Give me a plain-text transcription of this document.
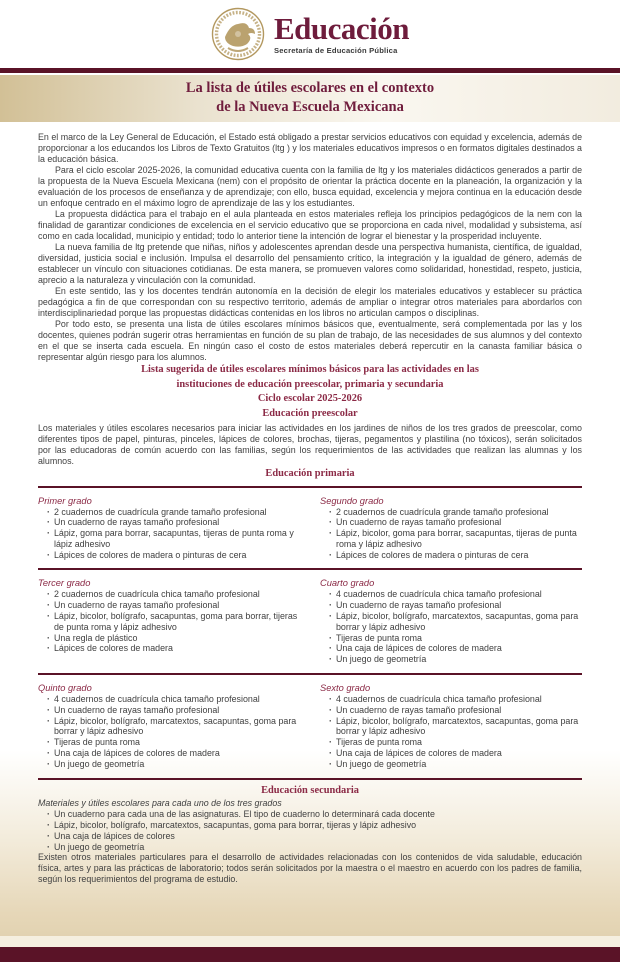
Educación
Secretaría de Educación Pública
La lista de útiles escolares en el contexto
de la Nueva Escuela Mexicana

En el marco de la Ley General de Educación, el Estado está obligado a prestar servicios educativos con equidad y excelencia, además de proporcionar a los educandos los Libros de Texto Gratuitos (ltg ) y los materiales educativos impresos o en formatos digitales destinados a la educación básica.

Para el ciclo escolar 2025-2026, la comunidad educativa cuenta con la familia de ltg y los materiales didácticos generados a partir de la propuesta de la Nueva Escuela Mexicana (nem) con el propósito de orientar la práctica docente en la planeación, la organización y la evaluación de los procesos de enseñanza y de aprendizaje; con ello, busca equidad, excelencia y mejora continua en la educación desde un enfoque centrado en el máximo logro de aprendizaje de las y los estudiantes.

La propuesta didáctica para el trabajo en el aula planteada en estos materiales refleja los principios pedagógicos de la nem con la finalidad de garantizar condiciones de excelencia en el servicio educativo que se proporciona en cada nivel, modalidad y subsistema, así como en cada localidad, municipio y entidad; todo lo anterior tiene la intención de lograr el bienestar y la prosperidad incluyente.

La nueva familia de ltg pretende que niñas, niños y adolescentes aprendan desde una perspectiva humanista, científica, de igualdad, diversidad, justicia social e inclusión. Impulsa el desarrollo del pensamiento crítico, la integración y la igualdad de género, además de establecer un vínculo con situaciones cotidianas. De esta manera, se promueven valores como solidaridad, honestidad, respeto, justicia, aprecio a la naturaleza y vinculación con la comunidad.

En este sentido, las y los docentes tendrán autonomía en la decisión de elegir los materiales educativos y establecer su práctica pedagógica a fin de que correspondan con su respectivo territorio, además de ampliar o integrar otros materiales para abordarlos con interdisciplinariedad porque las propuestas didácticas contenidas en los libros no articulan campos o disciplinas.

Por todo esto, se presenta una lista de útiles escolares mínimos básicos que, eventualmente, será complementada por las y los docentes, quienes podrán sugerir otras herramientas en función de su plan de trabajo, de las necesidades de sus alumnos y del contexto en el que se inserta cada escuela. En ningún caso el costo de estos materiales deberá repercutir en la canasta familiar básica o representar algún riesgo para los alumnos.

Lista sugerida de útiles escolares mínimos básicos para las actividades en las

instituciones de educación preescolar, primaria y secundaria

Ciclo escolar 2025-2026

Educación preescolar

Los materiales y útiles escolares necesarios para iniciar las actividades en los jardines de niños de los tres grados de preescolar, como diferentes tipos de papel, pinturas, pinceles, lápices de colores, brochas, tijeras, pegamentos y plastilina (no tóxicos), serán solicitados por las educadoras de común acuerdo con las familias, según los requerimientos de las actividades que realizan las alumnas y los alumnos.

Educación primaria

Primer grado

· 2 cuadernos de cuadrícula grande tamaño profesional
· Un cuaderno de rayas tamaño profesional
· Lápiz, goma para borrar, sacapuntas, tijeras de punta roma y lápiz adhesivo
· Lápices de colores de madera o pinturas de cera

Segundo grado

· 2 cuadernos de cuadrícula grande tamaño profesional
· Un cuaderno de rayas tamaño profesional
· Lápiz, bicolor, goma para borrar, sacapuntas, tijeras de punta roma y lápiz adhesivo
· Lápices de colores de madera o pinturas de cera

Tercer grado

· 2 cuadernos de cuadrícula chica tamaño profesional
· Un cuaderno de rayas tamaño profesional
· Lápiz, bicolor, bolígrafo, sacapuntas, goma para borrar, tijeras de punta roma y lápiz adhesivo
· Una regla de plástico
· Lápices de colores de madera

Cuarto grado

· 4 cuadernos de cuadrícula chica tamaño profesional
· Un cuaderno de rayas tamaño profesional
· Lápiz, bicolor, bolígrafo, marcatextos, sacapuntas, goma para borrar y lápiz adhesivo
· Tijeras de punta roma
· Una caja de lápices de colores de madera
· Un juego de geometría

Quinto grado

· 4 cuadernos de cuadrícula chica tamaño profesional
· Un cuaderno de rayas tamaño profesional
· Lápiz, bicolor, bolígrafo, marcatextos, sacapuntas, goma para borrar y lápiz adhesivo
· Tijeras de punta roma
· Una caja de lápices de colores de madera
· Un juego de geometría

Sexto grado

· 4 cuadernos de cuadrícula chica tamaño profesional
· Un cuaderno de rayas tamaño profesional
· Lápiz, bicolor, bolígrafo, marcatextos, sacapuntas, goma para borrar y lápiz adhesivo
· Tijeras de punta roma
· Una caja de lápices de colores de madera
· Un juego de geometría

Educación secundaria

Materiales y útiles escolares para cada uno de los tres grados

· Un cuaderno para cada una de las asignaturas. El tipo de cuaderno lo determinará cada docente
· Lápiz, bicolor, bolígrafo, marcatextos, sacapuntas, goma para borrar, tijeras y lápiz adhesivo
· Una caja de lápices de colores
· Un juego de geometría

Existen otros materiales particulares para el desarrollo de actividades relacionadas con los contenidos de vida saludable, educación física, artes y para las prácticas de laboratorio; todos serán solicitados por la maestra o el maestro en acuerdo con los padres de familia, según los requerimientos del programa de estudio.
